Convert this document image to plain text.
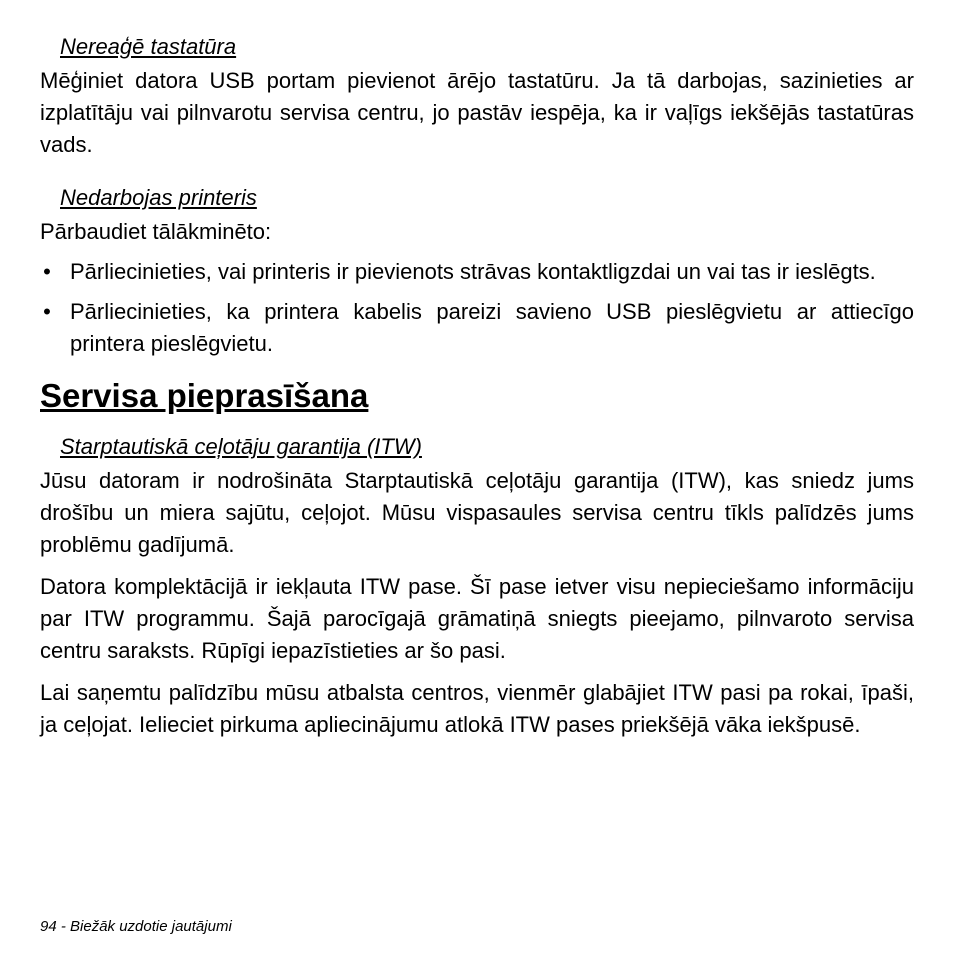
Nereaģē tastatūra

Mēģiniet datora USB portam pievienot ārējo tastatūru. Ja tā darbojas, sazinieties ar izplatītāju vai pilnvarotu servisa centru, jo pastāv iespēja, ka ir vaļīgs iekšējās tastatūras vads.

Nedarbojas printeris

Pārbaudiet tālākminēto:

• Pārliecinieties, vai printeris ir pievienots strāvas kontaktligzdai un vai tas ir ieslēgts.
• Pārliecinieties, ka printera kabelis pareizi savieno USB pieslēgvietu ar attiecīgo printera pieslēgvietu.
Servisa pieprasīšana
Starptautiskā ceļotāju garantija (ITW)

Jūsu datoram ir nodrošināta Starptautiskā ceļotāju garantija (ITW), kas sniedz jums drošību un miera sajūtu, ceļojot. Mūsu vispasaules servisa centru tīkls palīdzēs jums problēmu gadījumā.

Datora komplektācijā ir iekļauta ITW pase. Šī pase ietver visu nepieciešamo informāciju par ITW programmu. Šajā parocīgajā grāmatiņā sniegts pieejamo, pilnvaroto servisa centru saraksts. Rūpīgi iepazīstieties ar šo pasi.

Lai saņemtu palīdzību mūsu atbalsta centros, vienmēr glabājiet ITW pasi pa rokai, īpaši, ja ceļojat. Ielieciet pirkuma apliecinājumu atlokā ITW pases priekšējā vāka iekšpusē.

94 - Biežāk uzdotie jautājumi
